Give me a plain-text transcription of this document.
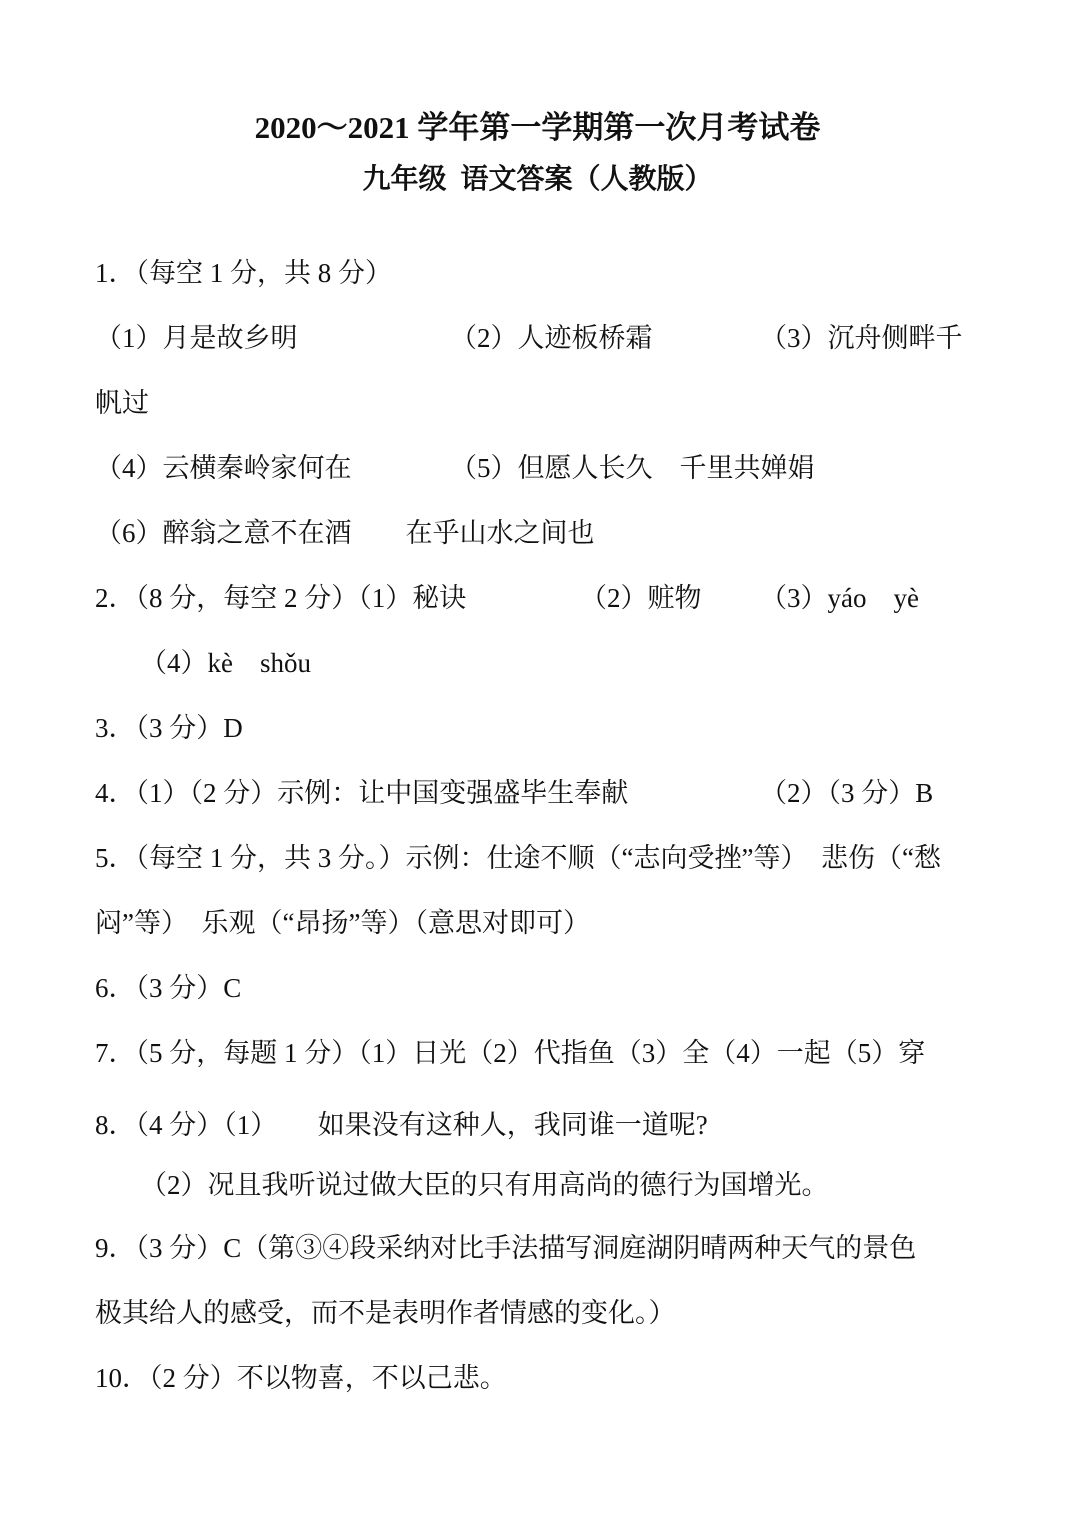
2020～2021 学年第一学期第一次月考试卷
九年级  语文答案（人教版）
1．（每空 1 分，共 8 分）
（1）月是故乡明	（2）人迹板桥霜	（3）沉舟侧畔千
帆过
（4）云横秦岭家何在	（5）但愿人长久　千里共婵娟
（6）醉翁之意不在酒　　在乎山水之间也
2．（8 分，每空 2 分）（1）秘诀	（2）赃物 （3）yáo　yè
（4）kè　shǒu
3．（3 分）D
4．（1）（2 分）示例：让中国变强盛毕生奉献	（2）（3 分）B
5．（每空 1 分，共 3 分。）示例：仕途不顺（“志向受挫”等）　悲伤（“愁
闷”等）　乐观（“昂扬”等）（意思对即可）
6．（3 分）C
7．（5 分，每题 1 分）（1）日光（2）代指鱼（3）全（4）一起（5）穿
8．（4 分）（1）　　如果没有这种人，我同谁一道呢?
（2）况且我听说过做大臣的只有用高尚的德行为国增光。
9．（3 分）C（第③④段采纳对比手法描写洞庭湖阴晴两种天气的景色
极其给人的感受，而不是表明作者情感的变化。）
10．（2 分）不以物喜，不以己悲。
